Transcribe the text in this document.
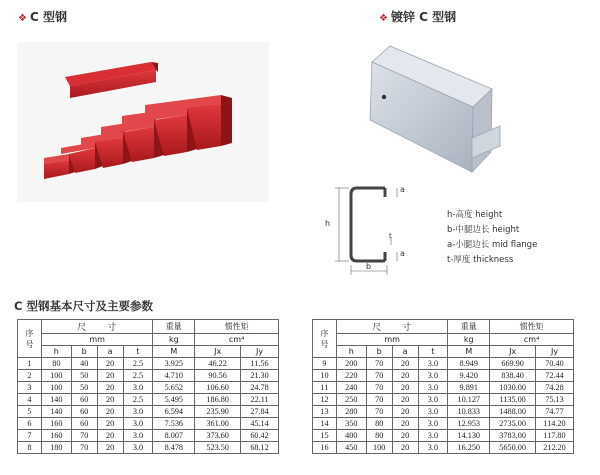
❖ C 型钢	❖ 镀锌 C 型钢
h
b
a
a
t
h-高度 height
b-中腿边长 height
a-小腿边长 mid flange
t-厚度 thickness
C 型钢基本尺寸及主要参数
序号	尺　　寸				重量	惯性矩	
	mm				kg	cm⁴	
	h	b	a	t	M	Jx	Jy
1	80	40	20	2.5	3.925	46.22	11.56
2	100	50	20	2.5	4.710	90.56	21.30
3	100	50	20	3.0	5.652	106.60	24.78
4	140	60	20	2.5	5.495	186.80	22.11
5	140	60	20	3.0	6.594	235.90	27.84
6	160	60	20	3.0	7.536	361.00	45.14
7	160	70	20	3.0	8.007	373.60	60.42
8	180	70	20	3.0	8.478	523.50	68.12
序号	尺　　寸				重量	惯性矩	
	mm				kg	cm⁴	
	h	b	a	t	M	Jx	Jy
9	200	70	20	3.0	8.949	669.90	70.40
10	220	70	20	3.0	9.420	838.40	72.44
11	240	70	20	3.0	9.891	1030.00	74.28
12	250	70	20	3.0	10.127	1135.00	75.13
13	280	70	20	3.0	10.833	1488.00	74.77
14	350	80	20	3.0	12.953	2735.00	114.20
15	400	80	20	3.0	14.130	3783.00	117.80
16	450	100	20	3.0	16.250	5650.00	212.20
